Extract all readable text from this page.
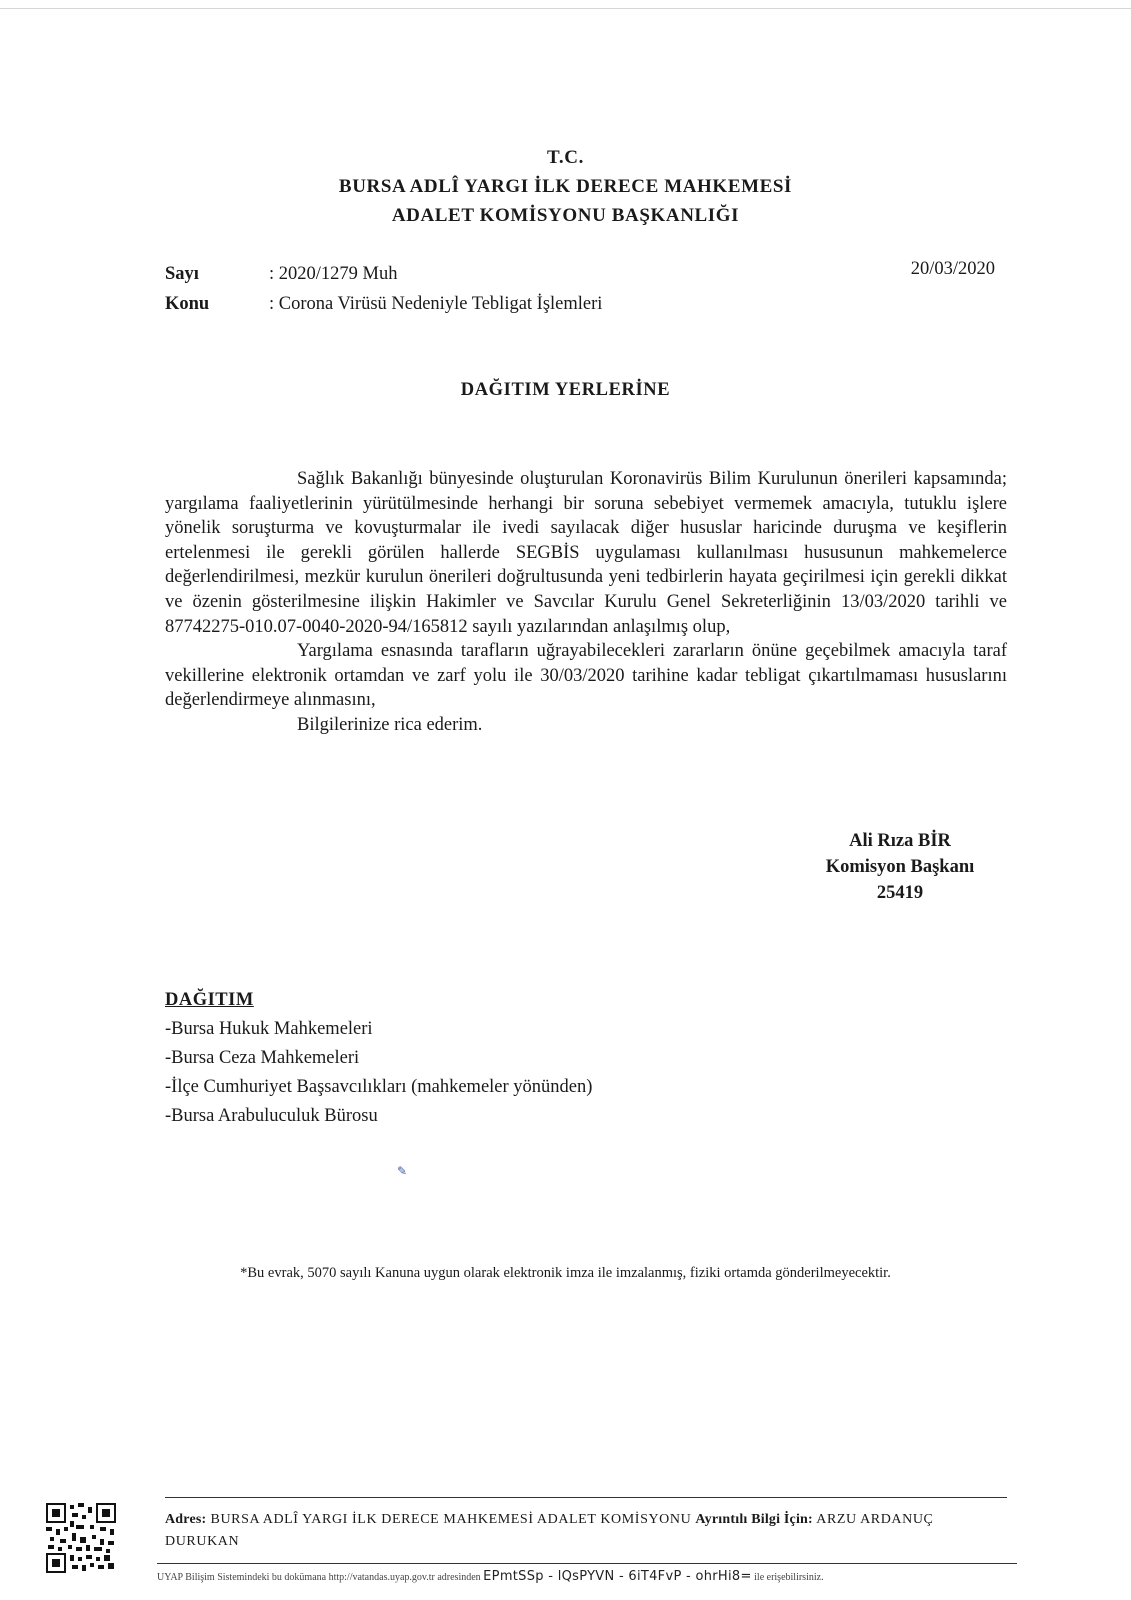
T.C.
BURSA ADLÎ YARGI İLK DERECE MAHKEMESİ
ADALET KOMİSYONU BAŞKANLIĞI
Sayı	: 2020/1279 Muh
Konu	: Corona Virüsü Nedeniyle Tebligat İşlemleri
20/03/2020
DAĞITIM YERLERİNE

Sağlık Bakanlığı bünyesinde oluşturulan Koronavirüs Bilim Kurulunun önerileri kapsamında; yargılama faaliyetlerinin yürütülmesinde herhangi bir soruna sebebiyet vermemek amacıyla, tutuklu işlere yönelik soruşturma ve kovuşturmalar ile ivedi sayılacak diğer hususlar haricinde duruşma ve keşiflerin ertelenmesi ile gerekli görülen hallerde SEGBİS uygulaması kullanılması hususunun mahkemelerce değerlendirilmesi, mezkür kurulun önerileri doğrultusunda yeni tedbirlerin hayata geçirilmesi için gerekli dikkat ve özenin gösterilmesine ilişkin Hakimler ve Savcılar Kurulu Genel Sekreterliğinin 13/03/2020 tarihli ve 87742275-010.07-0040-2020-94/165812 sayılı yazılarından anlaşılmış olup,

Yargılama esnasında tarafların uğrayabilecekleri zararların önüne geçebilmek amacıyla taraf vekillerine elektronik ortamdan ve zarf yolu ile 30/03/2020 tarihine kadar tebligat çıkartılmaması hususlarını değerlendirmeye alınmasını,

Bilgilerinize rica ederim.

Ali Rıza BİR
Komisyon Başkanı
25419
DAĞITIM
-Bursa Hukuk Mahkemeleri
-Bursa Ceza Mahkemeleri
-İlçe Cumhuriyet Başsavcılıkları (mahkemeler yönünden)
-Bursa Arabuluculuk Bürosu
✎
*Bu evrak, 5070 sayılı Kanuna uygun olarak elektronik imza ile imzalanmış, fiziki ortamda gönderilmeyecektir.
Adres: BURSA ADLÎ YARGI İLK DERECE MAHKEMESİ ADALET KOMİSYONU Ayrıntılı Bilgi İçin: ARZU ARDANUÇ DURUKAN
UYAP Bilişim Sistemindeki bu dokümana http://vatandas.uyap.gov.tr adresinden EPmtSSp - lQsPYVN - 6iT4FvP - ohrHi8= ile erişebilirsiniz.
